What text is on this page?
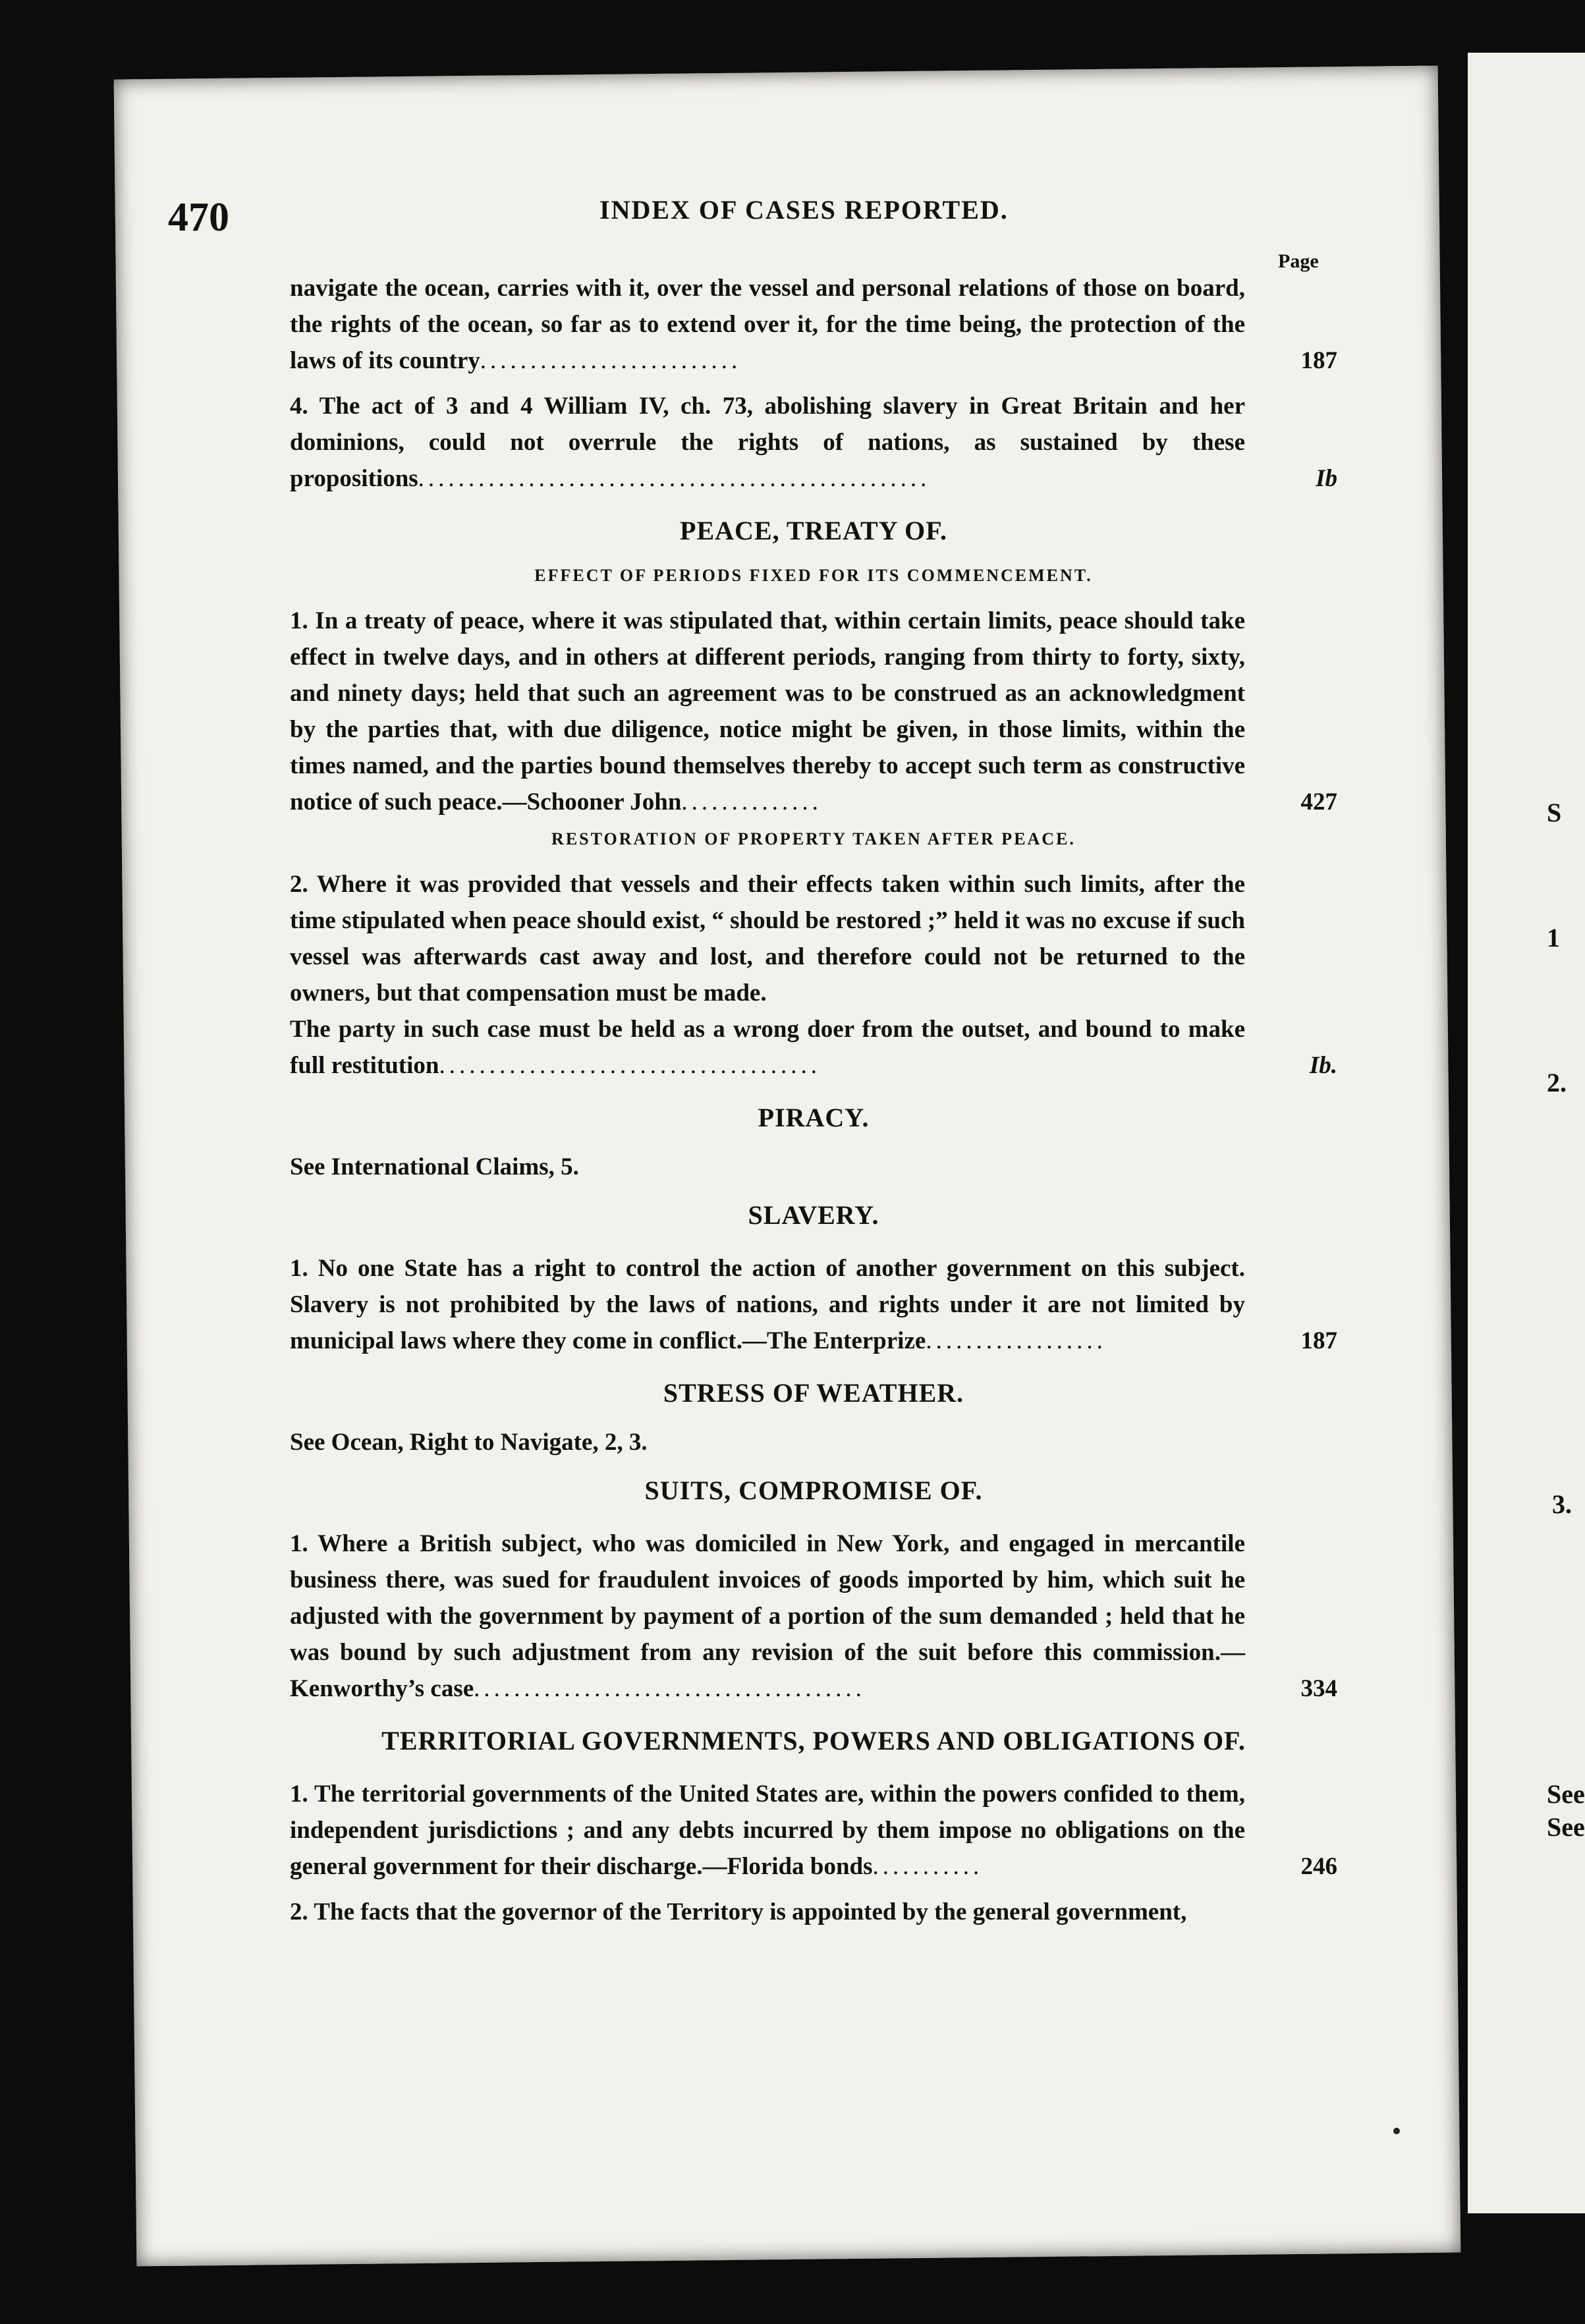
S
1
2.
3.
See
See
470	INDEX OF CASES REPORTED.
Page
navigate the ocean, carries with it, over the vessel and personal relations of those on board, the rights of the ocean, so far as to extend over it, for the time being, the protection of the laws of its country..........................	187
4. The act of 3 and 4 William IV, ch. 73, abolishing slavery in Great Britain and her dominions, could not overrule the rights of nations, as sustained by these propositions...................................................	Ib
PEACE, TREATY OF.
EFFECT OF PERIODS FIXED FOR ITS COMMENCEMENT.
1. In a treaty of peace, where it was stipulated that, within certain limits, peace should take effect in twelve days, and in others at different periods, ranging from thirty to forty, sixty, and ninety days; held that such an agreement was to be construed as an acknowledgment by the parties that, with due diligence, notice might be given, in those limits, within the times named, and the parties bound themselves thereby to accept such term as constructive notice of such peace.—Schooner John..............	427
RESTORATION OF PROPERTY TAKEN AFTER PEACE.
2. Where it was provided that vessels and their effects taken within such limits, after the time stipulated when peace should exist, “ should be restored ;” held it was no excuse if such vessel was afterwards cast away and lost, and therefore could not be returned to the owners, but that compensation must be made.
The party in such case must be held as a wrong doer from the outset, and bound to make full restitution......................................	Ib.
PIRACY.
See International Claims, 5.
SLAVERY.
1. No one State has a right to control the action of another government on this subject. Slavery is not prohibited by the laws of nations, and rights under it are not limited by municipal laws where they come in conflict.—The Enterprize..................	187
STRESS OF WEATHER.
See Ocean, Right to Navigate, 2, 3.
SUITS, COMPROMISE OF.
1. Where a British subject, who was domiciled in New York, and engaged in mercantile business there, was sued for fraudulent invoices of goods imported by him, which suit he adjusted with the government by payment of a portion of the sum demanded ; held that he was bound by such adjustment from any revision of the suit before this commission.—Kenworthy’s case.......................................	334
TERRITORIAL GOVERNMENTS, POWERS AND OBLIGATIONS OF.
1. The territorial governments of the United States are, within the powers confided to them, independent jurisdictions ; and any debts incurred by them impose no obligations on the general government for their discharge.—Florida bonds...........	246
2. The facts that the governor of the Territory is appointed by the general government,
